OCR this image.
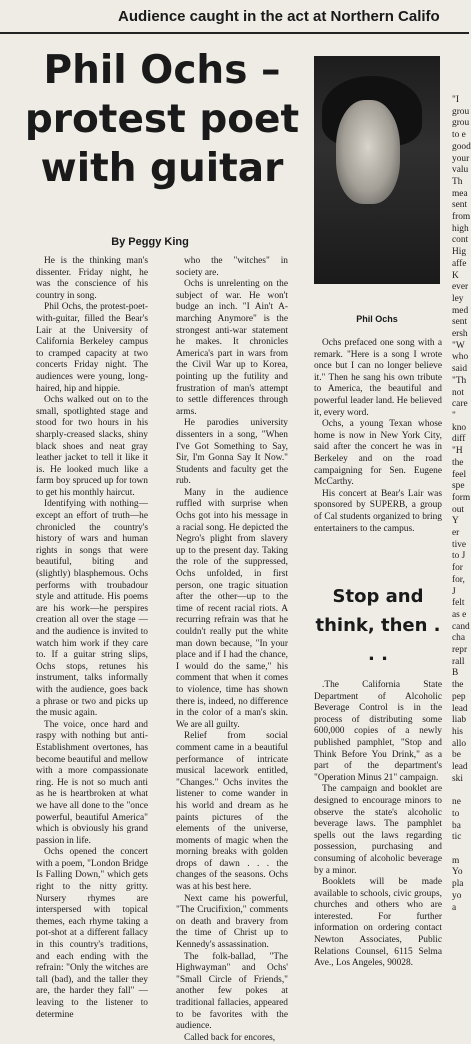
Audience caught in the act at Northern Califo
Phil Ochs – protest poet with guitar
By Peggy King
Phil Ochs

He is the thinking man's dissenter. Friday night, he was the conscience of his country in song.

Phil Ochs, the protest-poet-with-guitar, filled the Bear's Lair at the University of California Berkeley campus to cramped capacity at two concerts Friday night. The audiences were young, long-haired, hip and hippie.

Ochs walked out on to the small, spotlighted stage and stood for two hours in his sharply-creased slacks, shiny black shoes and neat gray leather jacket to tell it like it is. He looked much like a farm boy spruced up for town to get his monthly haircut.

Identifying with nothing—except an effort of truth—he chronicled the country's history of wars and human rights in songs that were beautiful, biting and (slightly) blasphemous. Ochs performs with troubadour style and attitude. His poems are his work—he perspires creation all over the stage — and the audience is invited to watch him work if they care to. If a guitar string slips, Ochs stops, retunes his instrument, talks informally with the audience, goes back a phrase or two and picks up the music again.

The voice, once hard and raspy with nothing but anti-Establishment overtones, has become beautiful and mellow with a more compassionate ring. He is not so much anti as he is heartbroken at what we have all done to the "once powerful, beautiful America" which is obviously his grand passion in life.

Ochs opened the concert with a poem, "London Bridge Is Falling Down," which gets right to the nitty gritty. Nursery rhymes are interspersed with topical themes, each rhyme taking a pot-shot at a different fallacy in this country's traditions, and each ending with the refrain: "Only the witches are tall (bad), and the taller they are, the harder they fall" — leaving to the listener to determine

who the "witches" in society are.

Ochs is unrelenting on the subject of war. He won't budge an inch. "I Ain't A-marching Anymore" is the strongest anti-war statement he makes. It chronicles America's part in wars from the Civil War up to Korea, pointing up the futility and frustration of man's attempt to settle differences through arms.

He parodies university dissenters in a song, "When I've Got Something to Say, Sir, I'm Gonna Say It Now." Students and faculty get the rub.

Many in the audience ruffled with surprise when Ochs got into his message in a racial song. He depicted the Negro's plight from slavery up to the present day. Taking the role of the suppressed, Ochs unfolded, in first person, one tragic situation after the other—up to the time of recent racial riots. A recurring refrain was that he couldn't really put the white man down because, "In your place and if I had the chance, I would do the same," his comment that when it comes to violence, time has shown there is, indeed, no difference in the color of a man's skin. We are all guilty.

Relief from social comment came in a beautiful performance of intricate musical lacework entitled, "Changes." Ochs invites the listener to come wander in his world and dream as he paints pictures of the elements of the universe, moments of magic when the morning breaks with golden drops of dawn . . . the changes of the seasons. Ochs was at his best here.

Next came his powerful, "The Crucifixion," comments on death and bravery from the time of Christ up to Kennedy's assassination.

The folk-ballad, "The Highwayman" and Ochs' "Small Circle of Friends," another few pokes at traditional fallacies, appeared to be favorites with the audience.

Called back for encores,

Ochs prefaced one song with a remark. "Here is a song I wrote once but I can no longer believe it." Then he sang his own tribute to America, the beautiful and powerful leader land. He believed it, every word.

Ochs, a young Texan whose home is now in New York City, said after the concert he was in Berkeley and on the road campaigning for Sen. Eugene McCarthy.

His concert at Bear's Lair was sponsored by SUPERB, a group of Cal students organized to bring entertainers to the campus.

Stop and think, then . . .

.The California State Department of Alcoholic Beverage Control is in the process of distributing some 600,000 copies of a newly published pamphlet, "Stop and Think Before You Drink," as a part of the department's "Operation Minus 21" campaign.

The campaign and booklet are designed to encourage minors to observe the state's alcoholic beverage laws. The pamphlet spells out the laws regarding possession, purchasing and consuming of alcoholic beverage by a minor.

Booklets will be made available to schools, civic groups, churches and others who are interested. For further information on ordering contact Newton Associates, Public Relations Counsel, 6115 Selma Ave., Los Angeles, 90028.

"I
grou
grou
to e
good
your
valu
Th
mea
sent
from
high
cont
Hig
affe
K
ever
ley
med
sent
ersh
"W
who
said
"Th
not
care
"
kno
diff
"H
the
feel
spe
form
out
Y
er
tive
to J
for
for,
J
felt
as e
cand
cha
repr
rall
B
the
pep
lead
liab
his
allo
be
lead
ski

ne
to
ba
tic

m
Yo
pla
yo
a
